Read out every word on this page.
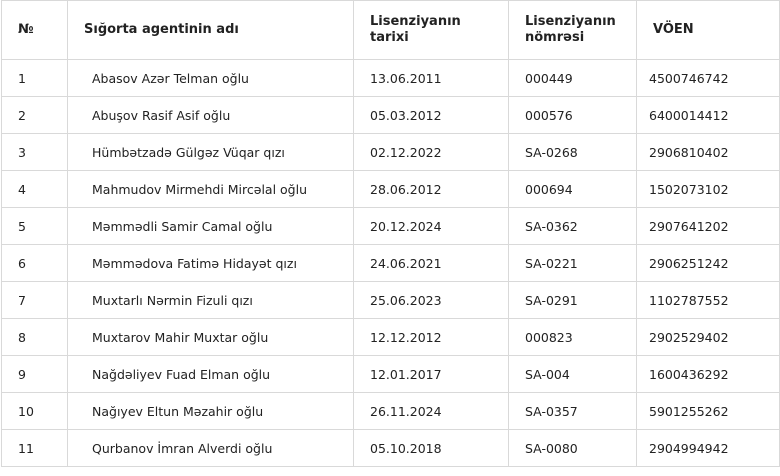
№	Sığorta agentinin adı	Lisenziyanın tarixi	Lisenziyanın nömrəsi	VÖEN

1	Abasov Azər Telman oğlu	13.06.2011	000449	4500746742
2	Abuşov Rasif Asif oğlu	05.03.2012	000576	6400014412
3	Hümbətzadə Gülgəz Vüqar qızı	02.12.2022	SA-0268	2906810402
4	Mahmudov Mirmehdi Mircəlal oğlu	28.06.2012	000694	1502073102
5	Məmmədli Samir Camal oğlu	20.12.2024	SA-0362	2907641202
6	Məmmədova Fatimə Hidayət qızı	24.06.2021	SA-0221	2906251242
7	Muxtarlı Nərmin Fizuli qızı	25.06.2023	SA-0291	1102787552
8	Muxtarov Mahir Muxtar oğlu	12.12.2012	000823	2902529402
9	Nağdəliyev Fuad Elman oğlu	12.01.2017	SA-004	1600436292
10	Nağıyev Eltun Məzahir oğlu	26.11.2024	SA-0357	5901255262
11	Qurbanov İmran Alverdi oğlu	05.10.2018	SA-0080	2904994942
